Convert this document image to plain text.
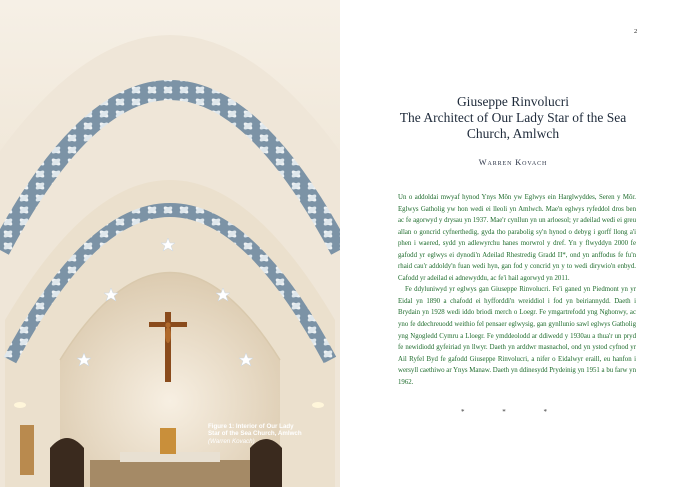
Figure 1: Interior of Our Lady
Star of the Sea Church, Amlwch
(Warren Kovach)
2
Giuseppe Rinvolucri
The Architect of Our Lady Star of the Sea
Church, Amlwch
Warren Kovach

Un o addoldai mwyaf hynod Ynys Môn yw Eglwys ein Harglwyddes, Seren y Môr. Eglwys Gatholig yw hon wedi ei lleoli yn Amlwch. Mae'n eglwys ryfeddol dros ben ac fe agorwyd y drysau yn 1937. Mae'r cynllun yn un arloesol; yr adeilad wedi ei greu allan o goncrid cyfnerthedig, gyda tho parabolig sy'n hynod o debyg i gorff llong a'i phen i waered, sydd yn adlewyrchu hanes morwrol y dref. Yn y flwyddyn 2000 fe gafodd yr eglwys ei dynodi'n Adeilad Rhestredig Gradd II*, ond yn anffodus fe fu'n rhaid cau'r addoldy'n fuan wedi hyn, gan fod y concrid yn y to wedi dirywio'n enbyd. Cafodd yr adeilad ei adnewyddu, ac fe'i hail agorwyd yn 2011.

Fe ddyluniwyd yr eglwys gan Giuseppe Rinvolucri. Fe'i ganed yn Piedmont yn yr Eidal yn 1890 a chafodd ei hyfforddi'n wreiddiol i fod yn beiriannydd. Daeth i Brydain yn 1928 wedi iddo briodi merch o Loegr. Fe ymgartrefodd yng Nghonwy, ac yno fe ddechreuodd weithio fel pensaer eglwysig, gan gynllunio sawl eglwys Gatholig yng Ngogledd Cymru a Lloegr. Fe ymddeolodd ar ddiwedd y 1930au a thua'r un pryd fe newidiodd gyfeiriad yn llwyr. Daeth yn arddwr masnachol, ond yn ystod cyfnod yr Ail Ryfel Byd fe gafodd Giuseppe Rinvolucri, a nifer o Eidalwyr eraill, eu hanfon i wersyll caethiwo ar Ynys Manaw. Daeth yn ddinesydd Prydeinig yn 1951 a bu farw yn 1962.

* * *
